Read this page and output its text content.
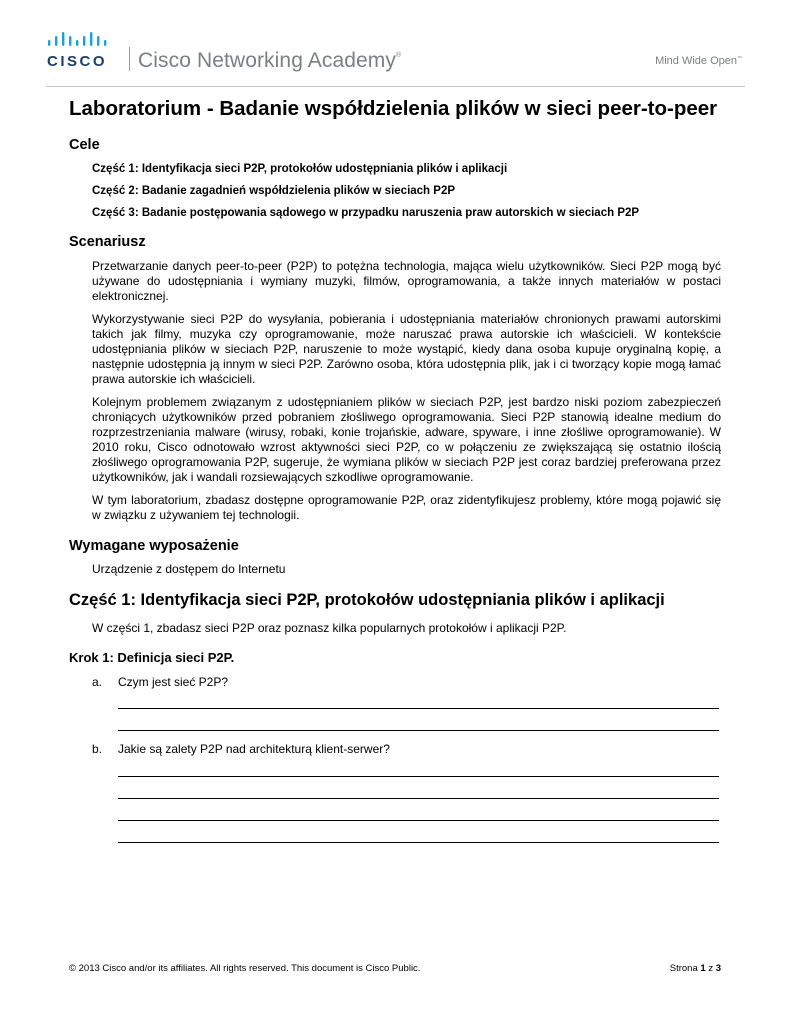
CISCO Cisco Networking Academy®	Mind Wide Open™
Laboratorium - Badanie współdzielenia plików w sieci peer-to-peer
Cele
Część 1: Identyfikacja sieci P2P, protokołów udostępniania plików i aplikacji
Część 2: Badanie zagadnień współdzielenia plików w sieciach P2P
Część 3: Badanie postępowania sądowego w przypadku naruszenia praw autorskich w sieciach P2P
Scenariusz

Przetwarzanie danych peer-to-peer (P2P) to potężna technologia, mająca wielu użytkowników. Sieci P2P mogą być używane do udostępniania i wymiany muzyki, filmów, oprogramowania, a także innych materiałów w postaci elektronicznej.

Wykorzystywanie sieci P2P do wysyłania, pobierania i udostępniania materiałów chronionych prawami autorskimi takich jak filmy, muzyka czy oprogramowanie, może naruszać prawa autorskie ich właścicieli. W kontekście udostępniania plików w sieciach P2P, naruszenie to może wystąpić, kiedy dana osoba kupuje oryginalną kopię, a następnie udostępnia ją innym w sieci P2P. Zarówno osoba, która udostępnia plik, jak i ci tworzący kopie mogą łamać prawa autorskie ich właścicieli.

Kolejnym problemem związanym z udostępnianiem plików w sieciach P2P, jest bardzo niski poziom zabezpieczeń chroniących użytkowników przed pobraniem złośliwego oprogramowania. Sieci P2P stanowią idealne medium do rozprzestrzeniania malware (wirusy, robaki, konie trojańskie, adware, spyware, i inne złośliwe oprogramowanie). W 2010 roku, Cisco odnotowało wzrost aktywności sieci P2P, co w połączeniu ze zwiększającą się ostatnio ilością złośliwego oprogramowania P2P, sugeruje, że wymiana plików w sieciach P2P jest coraz bardziej preferowana przez użytkowników, jak i wandali rozsiewających szkodliwe oprogramowanie.

W tym laboratorium, zbadasz dostępne oprogramowanie P2P, oraz zidentyfikujesz problemy, które mogą pojawić się w związku z używaniem tej technologii.

Wymagane wyposażenie

Urządzenie z dostępem do Internetu

Część 1: Identyfikacja sieci P2P, protokołów udostępniania plików i aplikacji

W części 1, zbadasz sieci P2P oraz poznasz kilka popularnych protokołów i aplikacji P2P.

Krok 1: Definicja sieci P2P.
a.	Czym jest sieć P2P?
b.	Jakie są zalety P2P nad architekturą klient-serwer?
© 2013 Cisco and/or its affiliates. All rights reserved. This document is Cisco Public.	Strona 1 z 3
